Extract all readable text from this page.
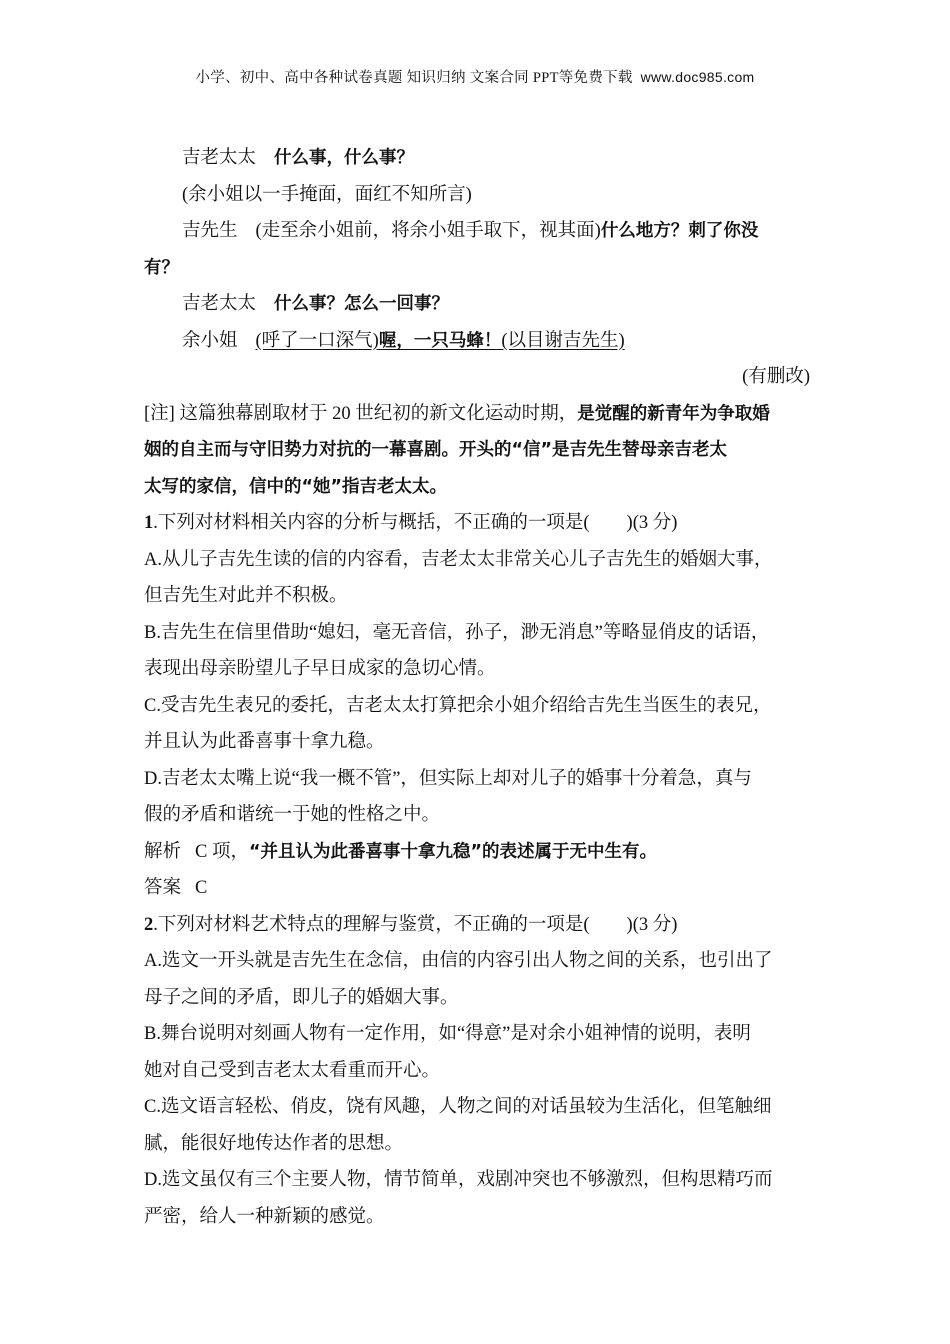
小学、初中、高中各种试卷真题 知识归纳 文案合同 PPT等免费下载 www.doc985.com

吉老太太 什么事，什么事？

(余小姐以一手掩面，面红不知所言)

吉先生 (走至余小姐前，将余小姐手取下，视其面)什么地方？刺了你没

有？

吉老太太 什么事？怎么一回事？

余小姐 (呼了一口深气)喔，一只马蜂！(以目谢吉先生)

(有删改)

[注] 这篇独幕剧取材于 20 世纪初的新文化运动时期，是觉醒的新青年为争取婚

姻的自主而与守旧势力对抗的一幕喜剧。开头的“信”是吉先生替母亲吉老太

太写的家信，信中的“她”指吉老太太。

1.下列对材料相关内容的分析与概括，不正确的一项是(　　)(3 分)

A.从儿子吉先生读的信的内容看，吉老太太非常关心儿子吉先生的婚姻大事，

但吉先生对此并不积极。

B.吉先生在信里借助“媳妇，毫无音信，孙子，渺无消息”等略显俏皮的话语，

表现出母亲盼望儿子早日成家的急切心情。

C.受吉先生表兄的委托，吉老太太打算把余小姐介绍给吉先生当医生的表兄，

并且认为此番喜事十拿九稳。

D.吉老太太嘴上说“我一概不管”，但实际上却对儿子的婚事十分着急，真与

假的矛盾和谐统一于她的性格之中。

解析 C 项，“并且认为此番喜事十拿九稳”的表述属于无中生有。

答案 C

2.下列对材料艺术特点的理解与鉴赏，不正确的一项是(　　)(3 分)

A.选文一开头就是吉先生在念信，由信的内容引出人物之间的关系，也引出了

母子之间的矛盾，即儿子的婚姻大事。

B.舞台说明对刻画人物有一定作用，如“得意”是对余小姐神情的说明，表明

她对自己受到吉老太太看重而开心。

C.选文语言轻松、俏皮，饶有风趣，人物之间的对话虽较为生活化，但笔触细

腻，能很好地传达作者的思想。

D.选文虽仅有三个主要人物，情节简单，戏剧冲突也不够激烈，但构思精巧而

严密，给人一种新颖的感觉。
